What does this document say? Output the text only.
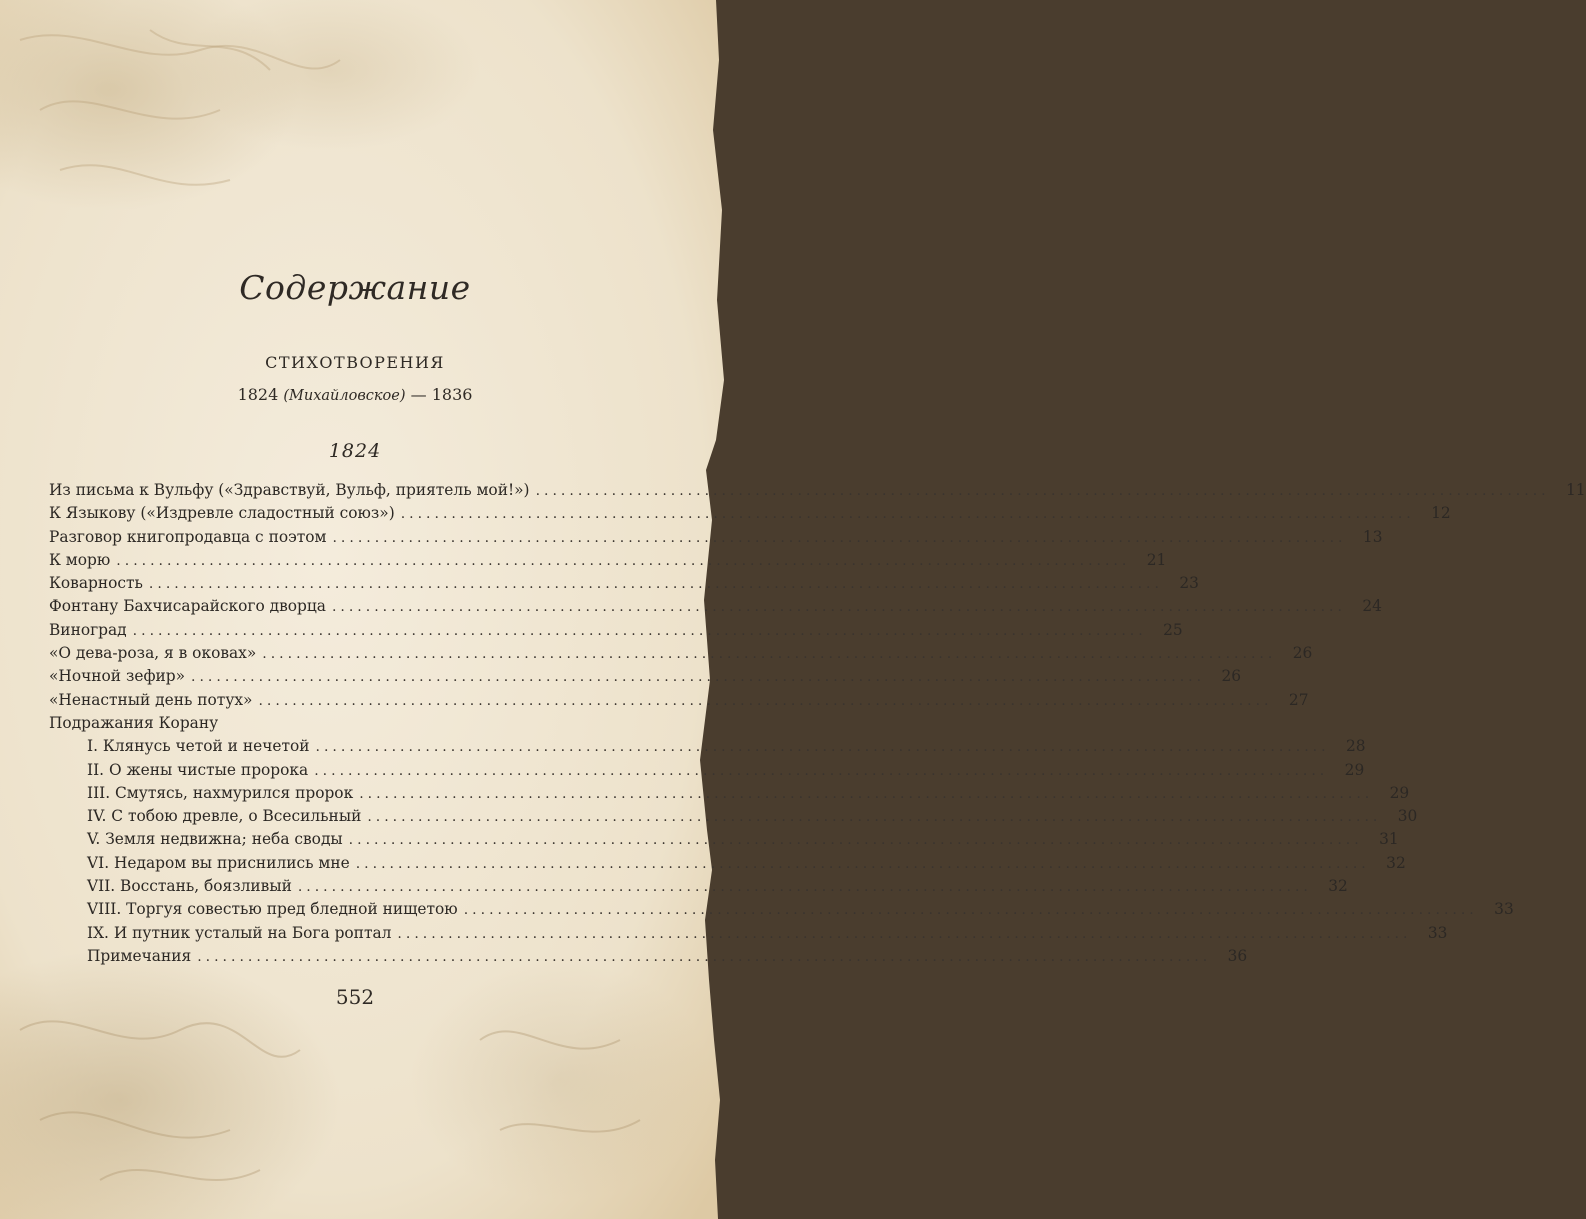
Содержание
СТИХОТВОРЕНИЯ
1824 (Михайловское) — 1836
1824
Из письма к Вульфу («Здравствуй, Вульф, приятель мой!») ........................................................................................................................	11
К Языкову («Издревле сладостный союз») ........................................................................................................................	12
Разговор книгопродавца с поэтом ........................................................................................................................	13
К морю ........................................................................................................................	21
Коварность ........................................................................................................................	23
Фонтану Бахчисарайского дворца ........................................................................................................................	24
Виноград ........................................................................................................................	25
«О дева-роза, я в оковах» ........................................................................................................................	26
«Ночной зефир» ........................................................................................................................	26
«Ненастный день потух» ........................................................................................................................	27
Подражания Корану
I. Клянусь четой и нечетой ........................................................................................................................	28
II. О жены чистые пророка ........................................................................................................................	29
III. Смутясь, нахмурился пророк ........................................................................................................................	29
IV. С тобою древле, о Всесильный ........................................................................................................................	30
V. Земля недвижна; неба своды ........................................................................................................................	31
VI. Недаром вы приснились мне ........................................................................................................................	32
VII. Восстань, боязливый ........................................................................................................................	32
VIII. Торгуя совестью пред бледной нищетою ........................................................................................................................	33
IX. И путник усталый на Бога роптал ........................................................................................................................	33
Примечания ........................................................................................................................	36
552
